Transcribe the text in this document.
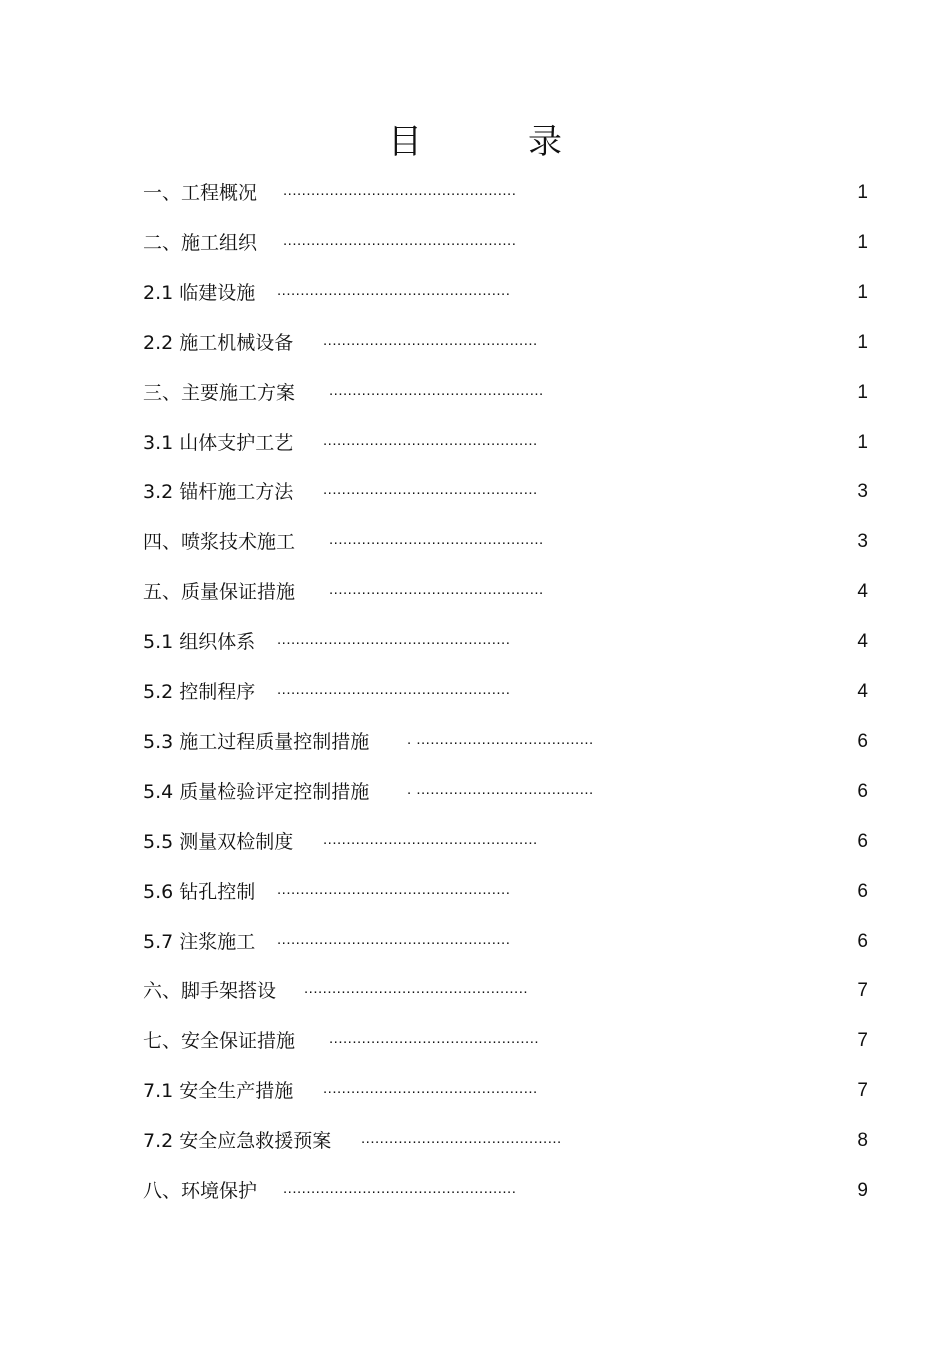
目　录
一、工程概况 ..................................................	1
二、施工组织 ..................................................	1
2.1 临建设施 ..................................................	1
2.2 施工机械设备 ..............................................	1
三、主要施工方案 ..............................................	1
3.1 山体支护工艺 ..............................................	1
3.2 锚杆施工方法 ..............................................	3
四、喷浆技术施工 ..............................................	3
五、质量保证措施 ..............................................	4
5.1 组织体系 ..................................................	4
5.2 控制程序 ..................................................	4
5.3 施工过程质量控制措施	. ......................................	6
5.4 质量检验评定控制措施	. ......................................	6
5.5 测量双检制度 ..............................................	6
5.6 钻孔控制 ..................................................	6
5.7 注浆施工 ..................................................	6
六、脚手架搭设 ................................................	7
七、安全保证措施 .............................................	7
7.1 安全生产措施 ..............................................	7
7.2 安全应急救援预案 ...........................................	8
八、环境保护 ..................................................	9
